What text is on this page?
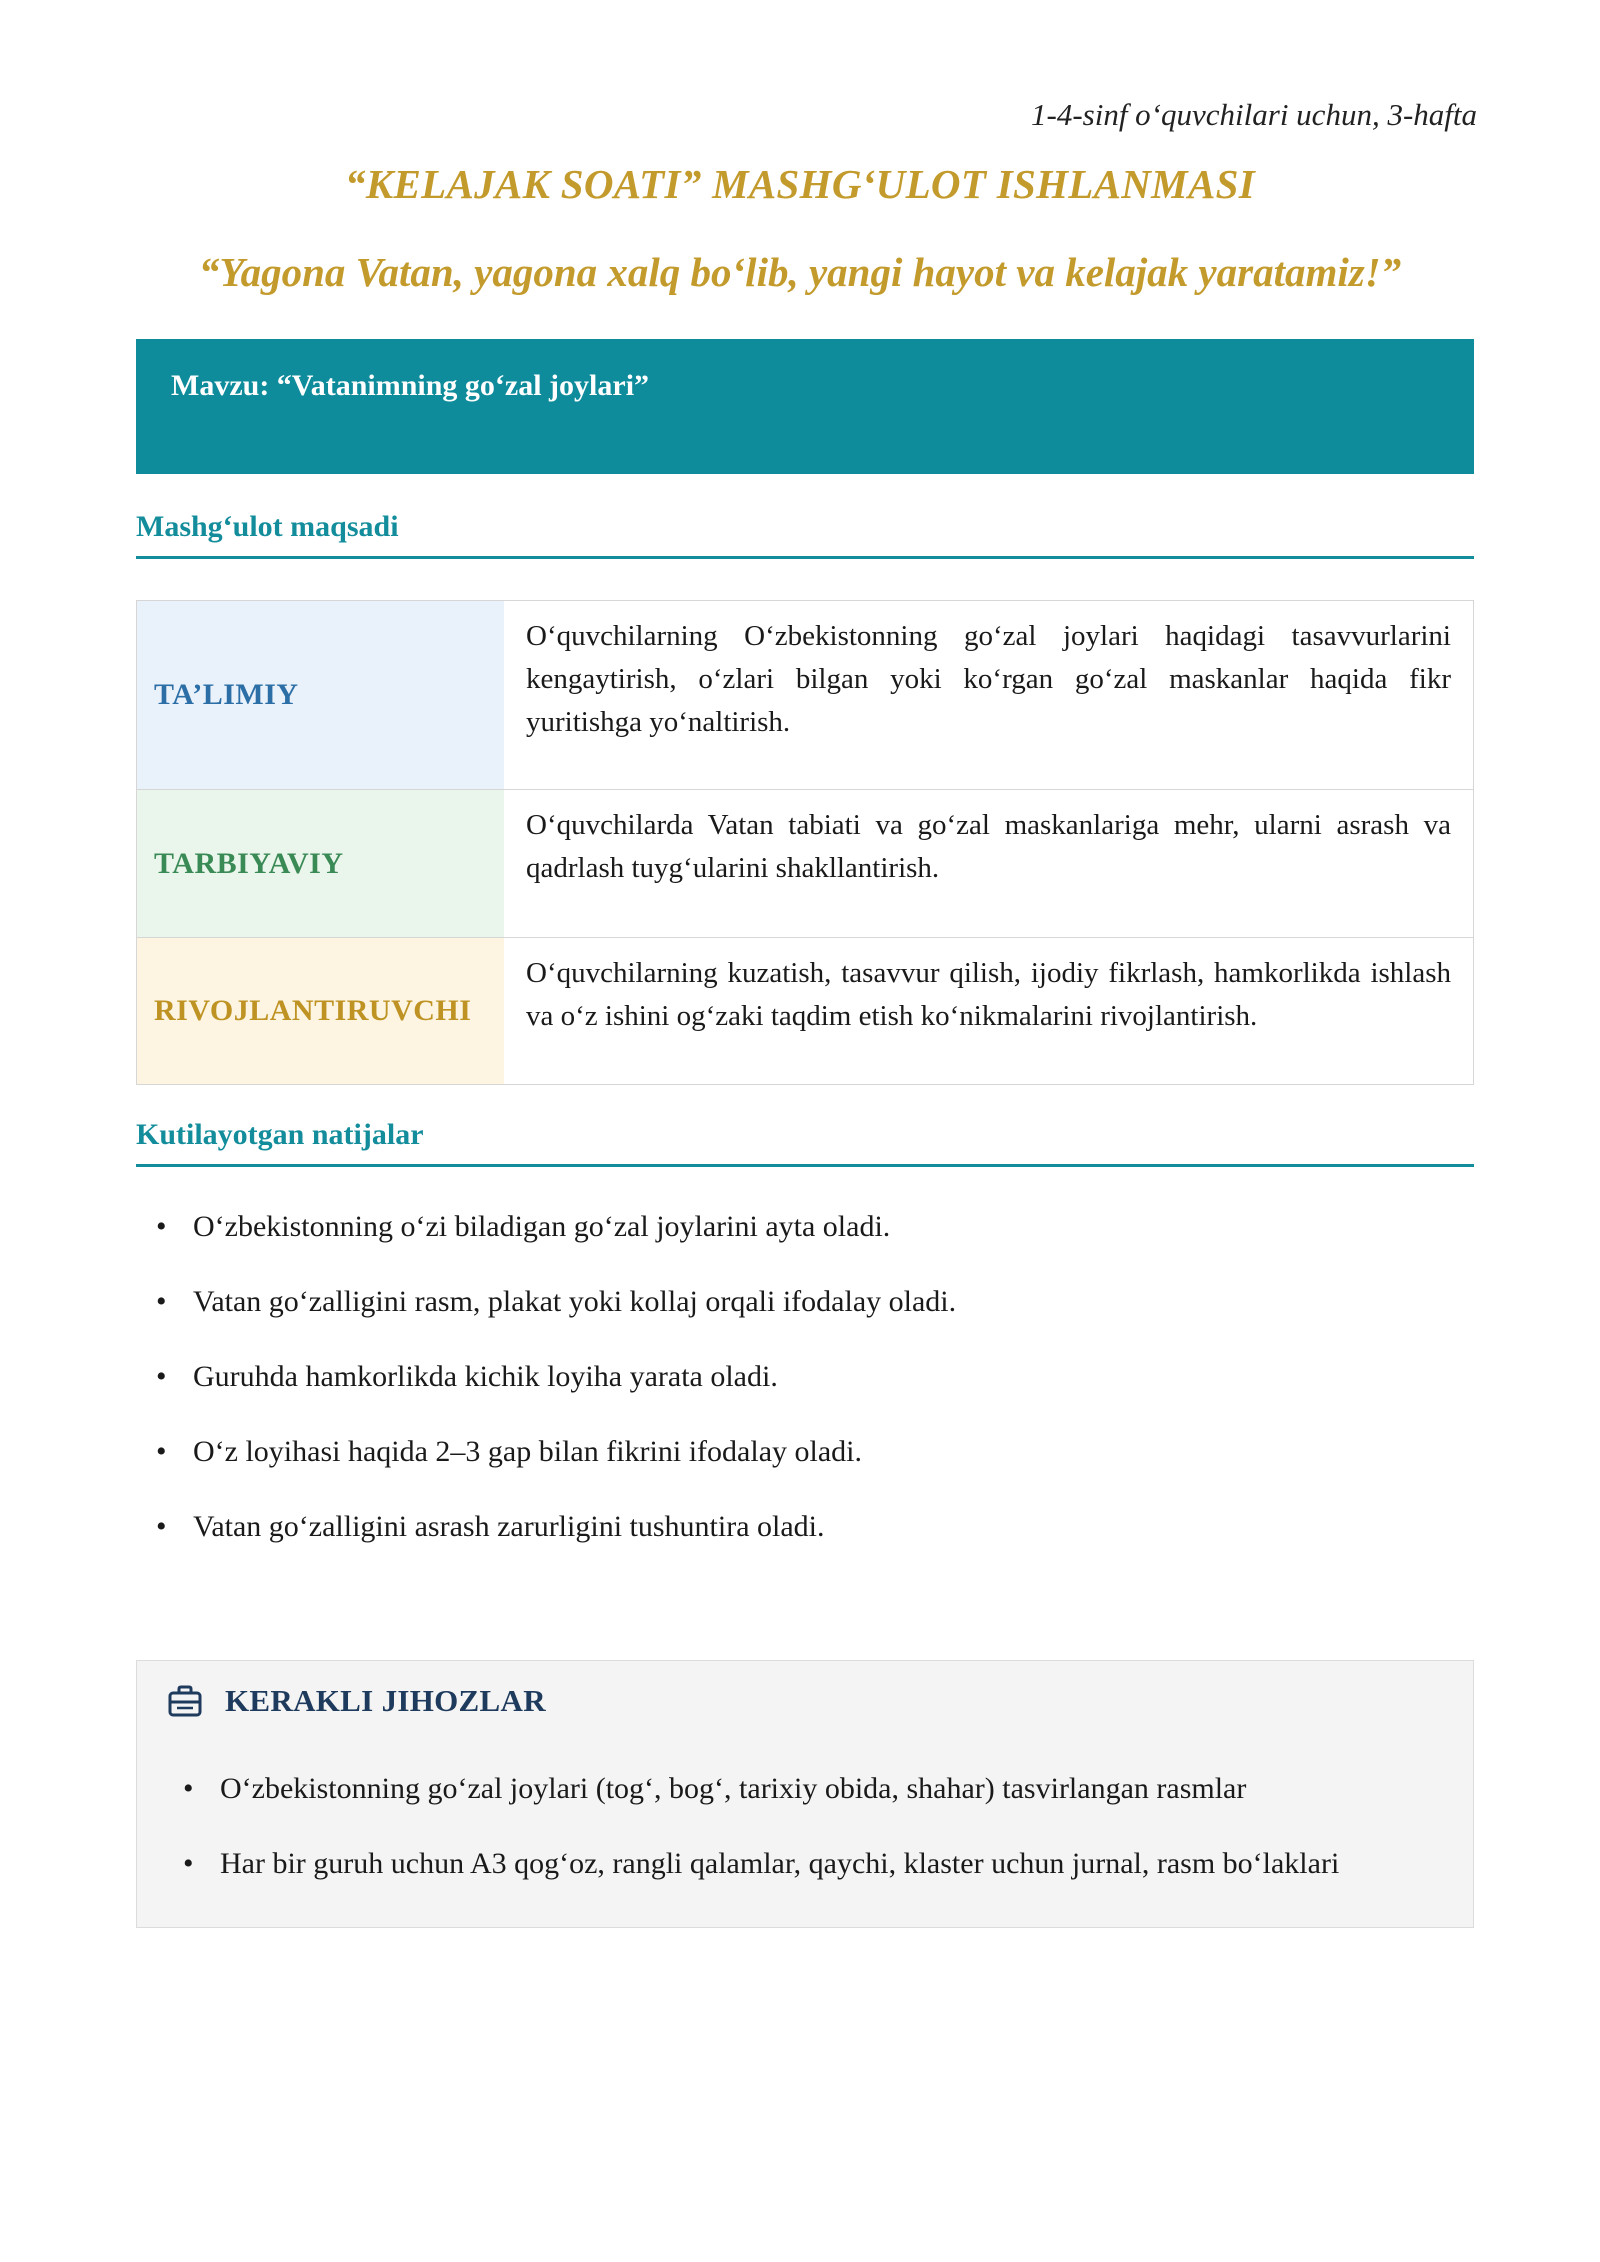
1-4-sinf o‘quvchilari uchun, 3-hafta
“KELAJAK SOATI” MASHG‘ULOT ISHLANMASI
“Yagona Vatan, yagona xalq bo‘lib, yangi hayot va kelajak yaratamiz!”
Mavzu: “Vatanimning go‘zal joylari”
Mashg‘ulot maqsadi
TA’LIMIY
O‘quvchilarning O‘zbekistonning go‘zal joylari haqidagi tasavvurlarini kengaytirish, o‘zlari bilgan yoki ko‘rgan go‘zal maskanlar haqida fikr yuritishga yo‘naltirish.
TARBIYAVIY
O‘quvchilarda Vatan tabiati va go‘zal maskanlariga mehr, ularni asrash va qadrlash tuyg‘ularini shakllantirish.
RIVOJLANTIRUVCHI
O‘quvchilarning kuzatish, tasavvur qilish, ijodiy fikrlash, hamkorlikda ishlash va o‘z ishini og‘zaki taqdim etish ko‘nikmalarini rivojlantirish.
Kutilayotgan natijalar
• O‘zbekistonning o‘zi biladigan go‘zal joylarini ayta oladi.
• Vatan go‘zalligini rasm, plakat yoki kollaj orqali ifodalay oladi.
• Guruhda hamkorlikda kichik loyiha yarata oladi.
• O‘z loyihasi haqida 2–3 gap bilan fikrini ifodalay oladi.
• Vatan go‘zalligini asrash zarurligini tushuntira oladi.
KERAKLI JIHOZLAR
• O‘zbekistonning go‘zal joylari (tog‘, bog‘, tarixiy obida, shahar) tasvirlangan rasmlar
• Har bir guruh uchun A3 qog‘oz, rangli qalamlar, qaychi, klaster uchun jurnal, rasm bo‘laklari
